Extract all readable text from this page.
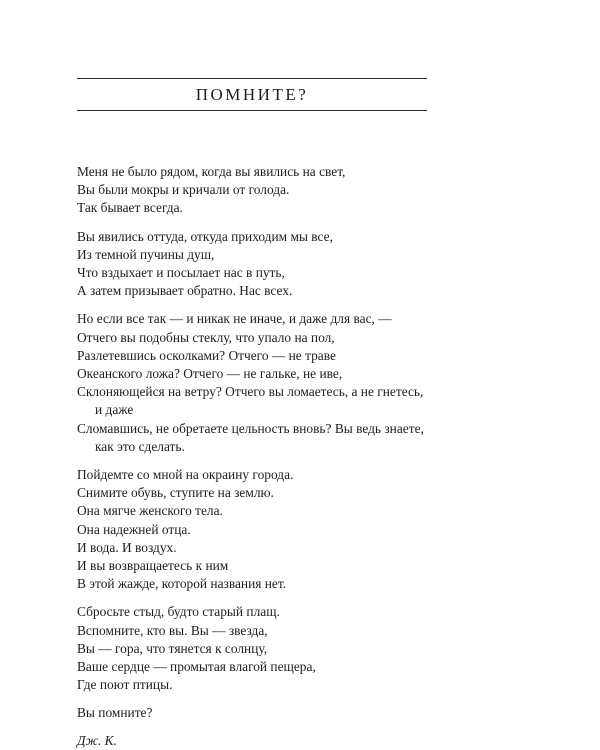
ПОМНИТЕ?
Меня не было рядом, когда вы явились на свет,
Вы были мокры и кричали от голода.
Так бывает всегда.
Вы явились оттуда, откуда приходим мы все,
Из темной пучины душ,
Что вздыхает и посылает нас в путь,
А затем призывает обратно. Нас всех.
Но если все так — и никак не иначе, и даже для вас, —
Отчего вы подобны стеклу, что упало на пол,
Разлетевшись осколками? Отчего — не траве
Океанского ложа? Отчего — не гальке, не иве,
Склоняющейся на ветру? Отчего вы ломаетесь, а не гнетесь,
и даже
Сломавшись, не обретаете цельность вновь? Вы ведь знаете,
как это сделать.
Пойдемте со мной на окраину города.
Снимите обувь, ступите на землю.
Она мягче женского тела.
Она надежней отца.
И вода. И воздух.
И вы возвращаетесь к ним
В этой жажде, которой названия нет.
Сбросьте стыд, будто старый плащ.
Вспомните, кто вы. Вы — звезда,
Вы — гора, что тянется к солнцу,
Ваше сердце — промытая влагой пещера,
Где поют птицы.
Вы помните?
Дж. К.
